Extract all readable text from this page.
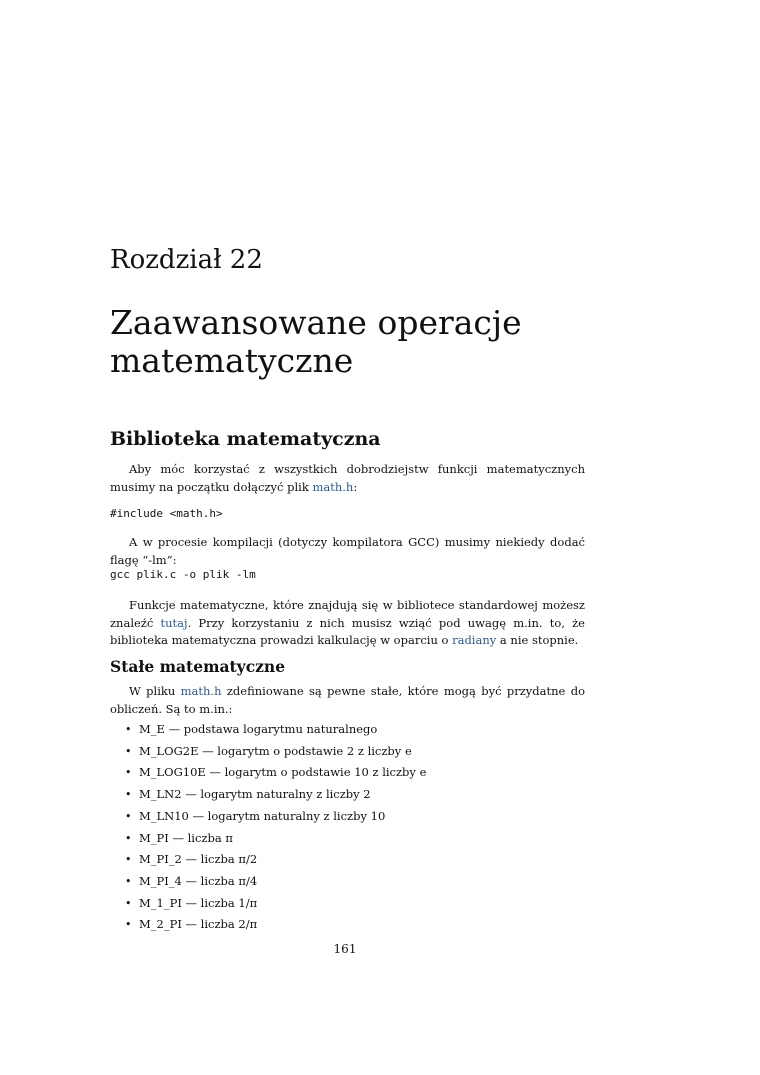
Rozdział 22
Zaawansowane operacje
matematyczne
Biblioteka matematyczna
Aby móc korzystać z wszystkich dobrodziejstw funkcji matematycznych musimy na początku dołączyć plik math.h:
#include <math.h>
A w procesie kompilacji (dotyczy kompilatora GCC) musimy niekiedy dodać flagę “-lm”:
gcc plik.c -o plik -lm
Funkcje matematyczne, które znajdują się w bibliotece standardowej możesz znaleźć tutaj. Przy korzystaniu z nich musisz wziąć pod uwagę m.in. to, że biblioteka matematyczna prowadzi kalkulację w oparciu o radiany a nie stopnie.
Stałe matematyczne
W pliku math.h zdefiniowane są pewne stałe, które mogą być przydatne do obliczeń. Są to m.in.:
• M_E — podstawa logarytmu naturalnego
• M_LOG2E — logarytm o podstawie 2 z liczby e
• M_LOG10E — logarytm o podstawie 10 z liczby e
• M_LN2 — logarytm naturalny z liczby 2
• M_LN10 — logarytm naturalny z liczby 10
• M_PI — liczba π
• M_PI_2 — liczba π/2
• M_PI_4 — liczba π/4
• M_1_PI — liczba 1/π
• M_2_PI — liczba 2/π
161
